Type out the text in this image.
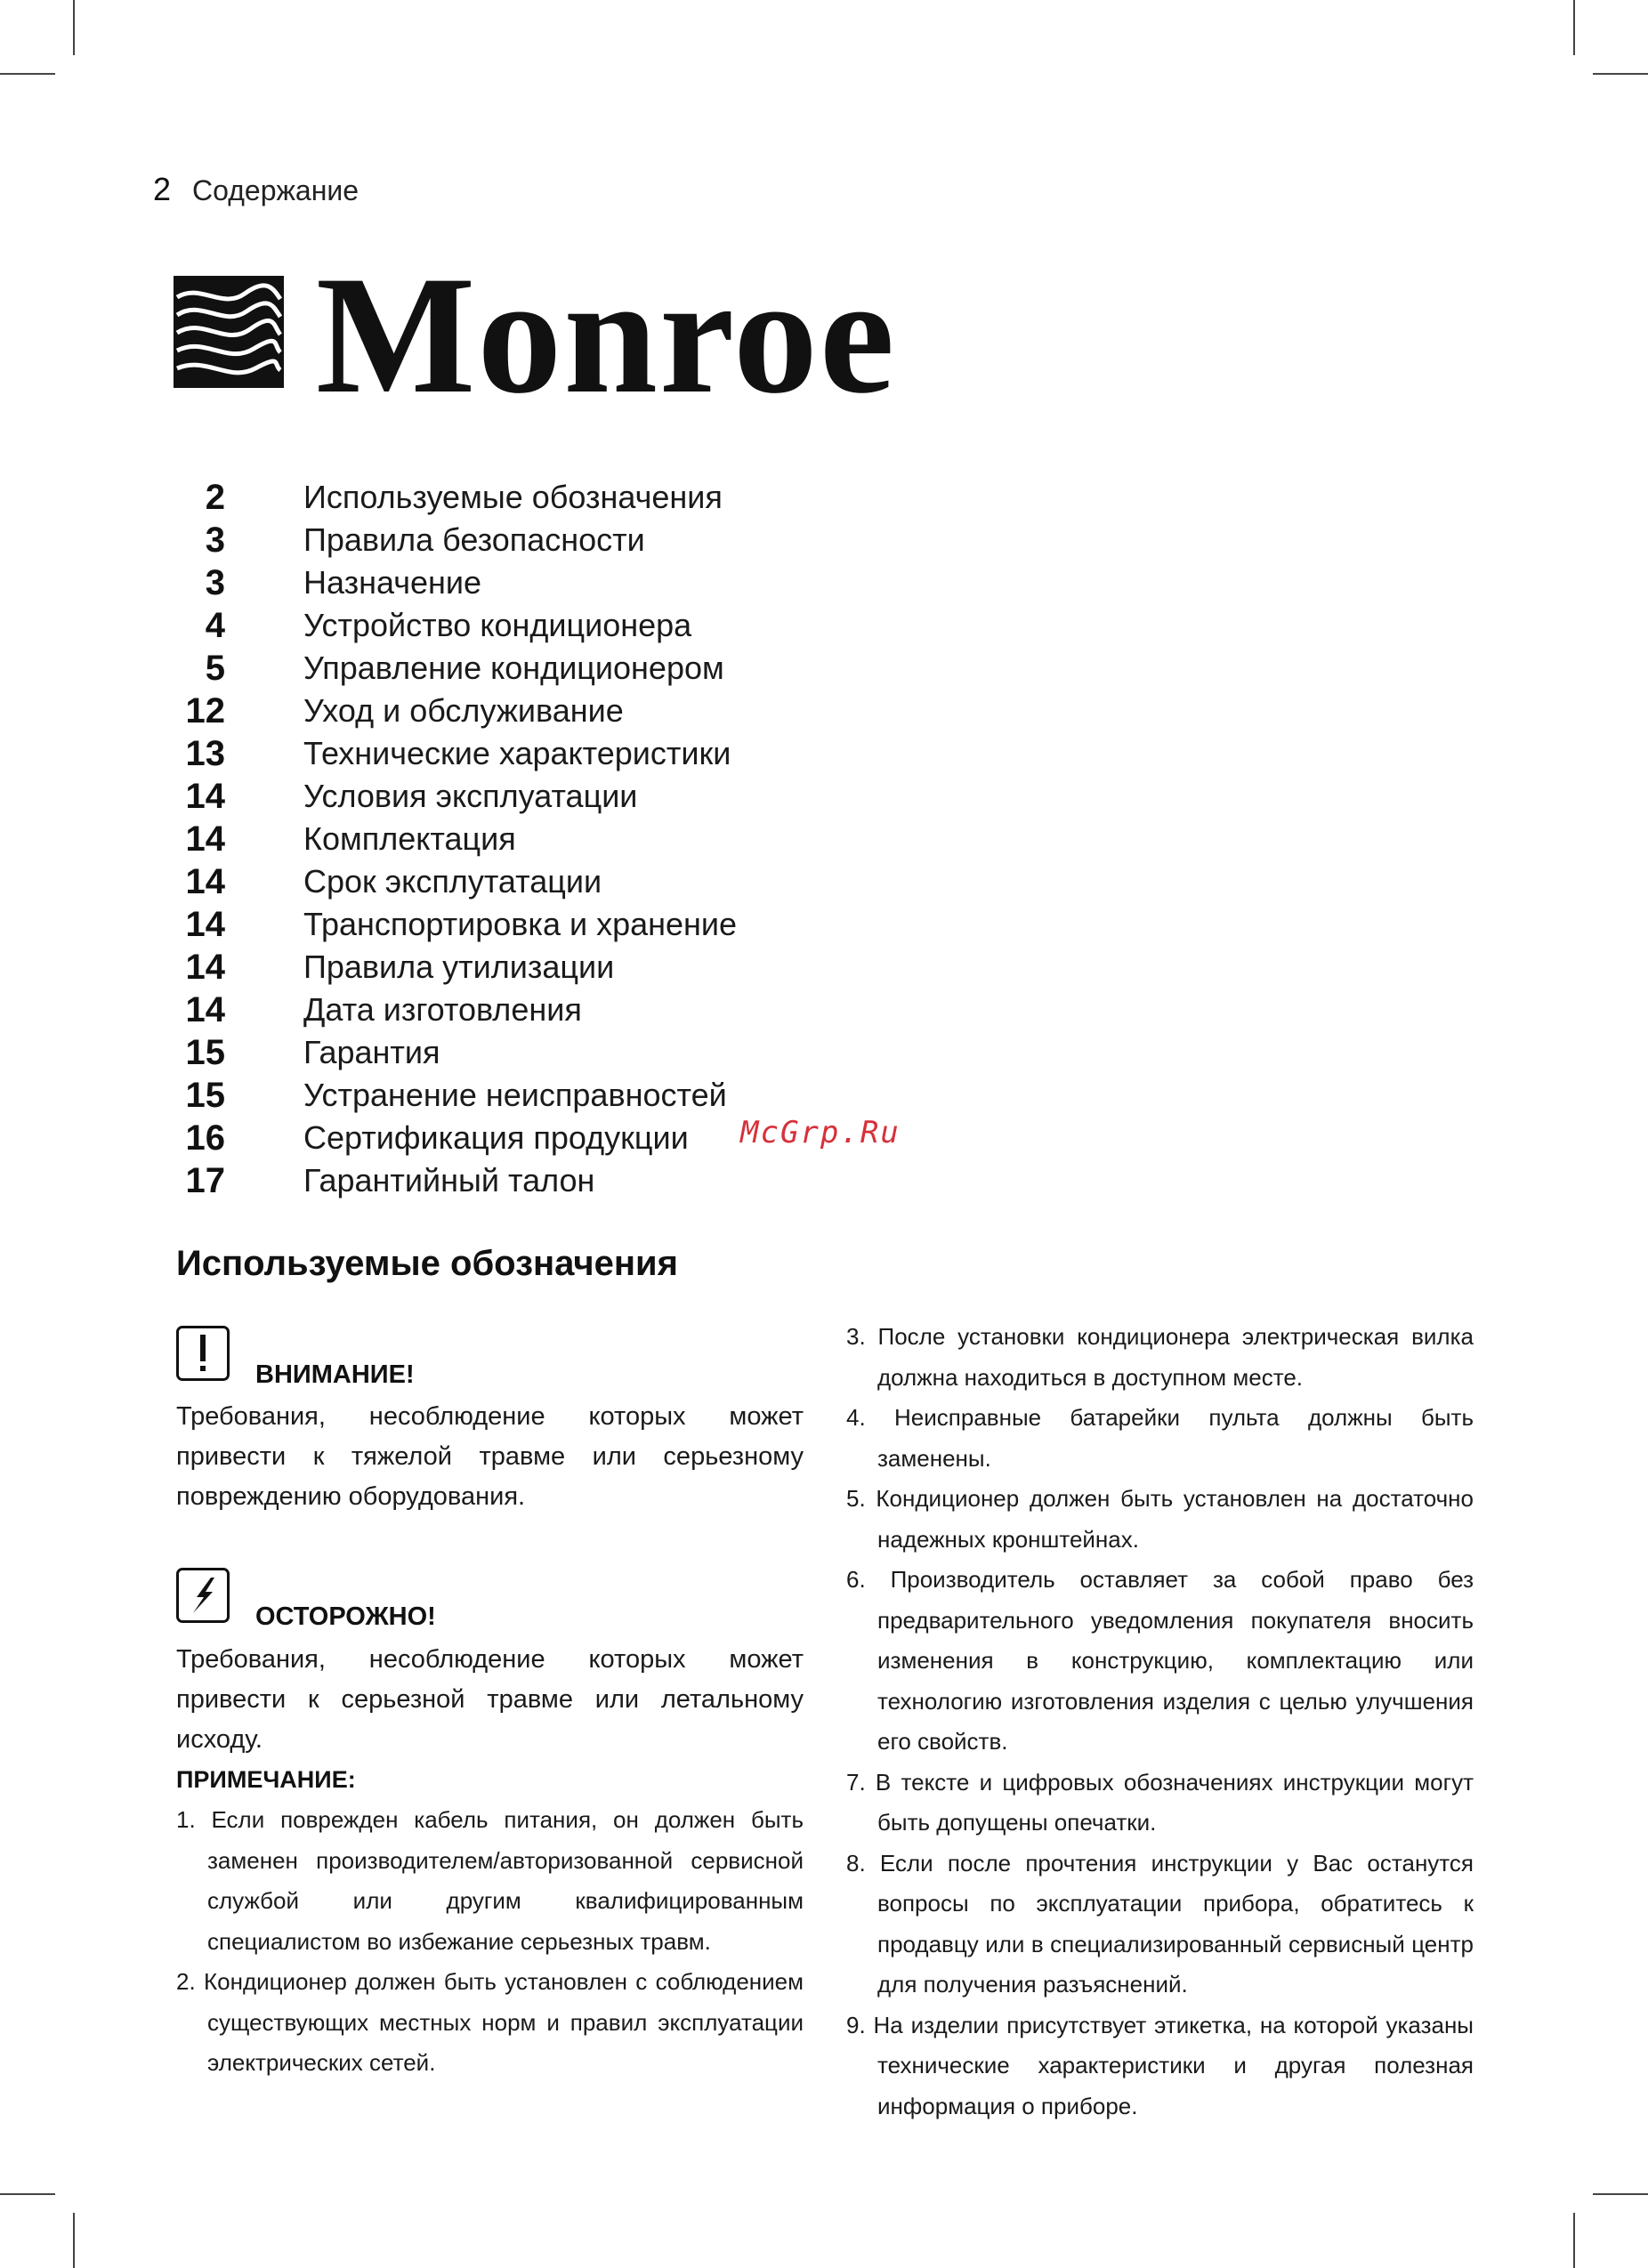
2 Содержание
Monroe
2 Используемые обозначения
3 Правила безопасности
3 Назначение
4 Устройство кондиционера
5 Управление кондиционером
12 Уход и обслуживание
13 Технические характеристики
14 Условия эксплуатации
14 Комплектация
14 Срок эксплутатации
14 Транспортировка и хранение
14 Правила утилизации
14 Дата изготовления
15 Гарантия
15 Устранение неисправностей
16 Сертификация продукции
17 Гарантийный талон
McGrp.Ru
Используемые обозначения
ВНИМАНИЕ!

Требования, несоблюдение которых может привести к тяжелой травме или серьезному повреждению оборудования.

ОСТОРОЖНО!

Требования, несоблюдение которых может привести к серьезной травме или летальному исходу.

ПРИМЕЧАНИЕ:
1. Если поврежден кабель питания, он должен быть заменен производителем/авторизованной сервисной службой или другим квалифицированным специалистом во избежание серьезных травм.
2. Кондиционер должен быть установлен с соблюдением существующих местных норм и правил эксплуатации электрических сетей.
3. После установки кондиционера электрическая вилка должна находиться в доступном месте.
4. Неисправные батарейки пульта должны быть заменены.
5. Кондиционер должен быть установлен на достаточно надежных кронштейнах.
6. Производитель оставляет за собой право без предварительного уведомления покупателя вносить изменения в конструкцию, комплектацию или технологию изготовления изделия с целью улучшения его свойств.
7. В тексте и цифровых обозначениях инструкции могут быть допущены опечатки.
8. Если после прочтения инструкции у Вас останутся вопросы по эксплуатации прибора, обратитесь к продавцу или в специализированный сервисный центр для получения разъяснений.
9. На изделии присутствует этикетка, на которой указаны технические характеристики и другая полезная информация о приборе.
